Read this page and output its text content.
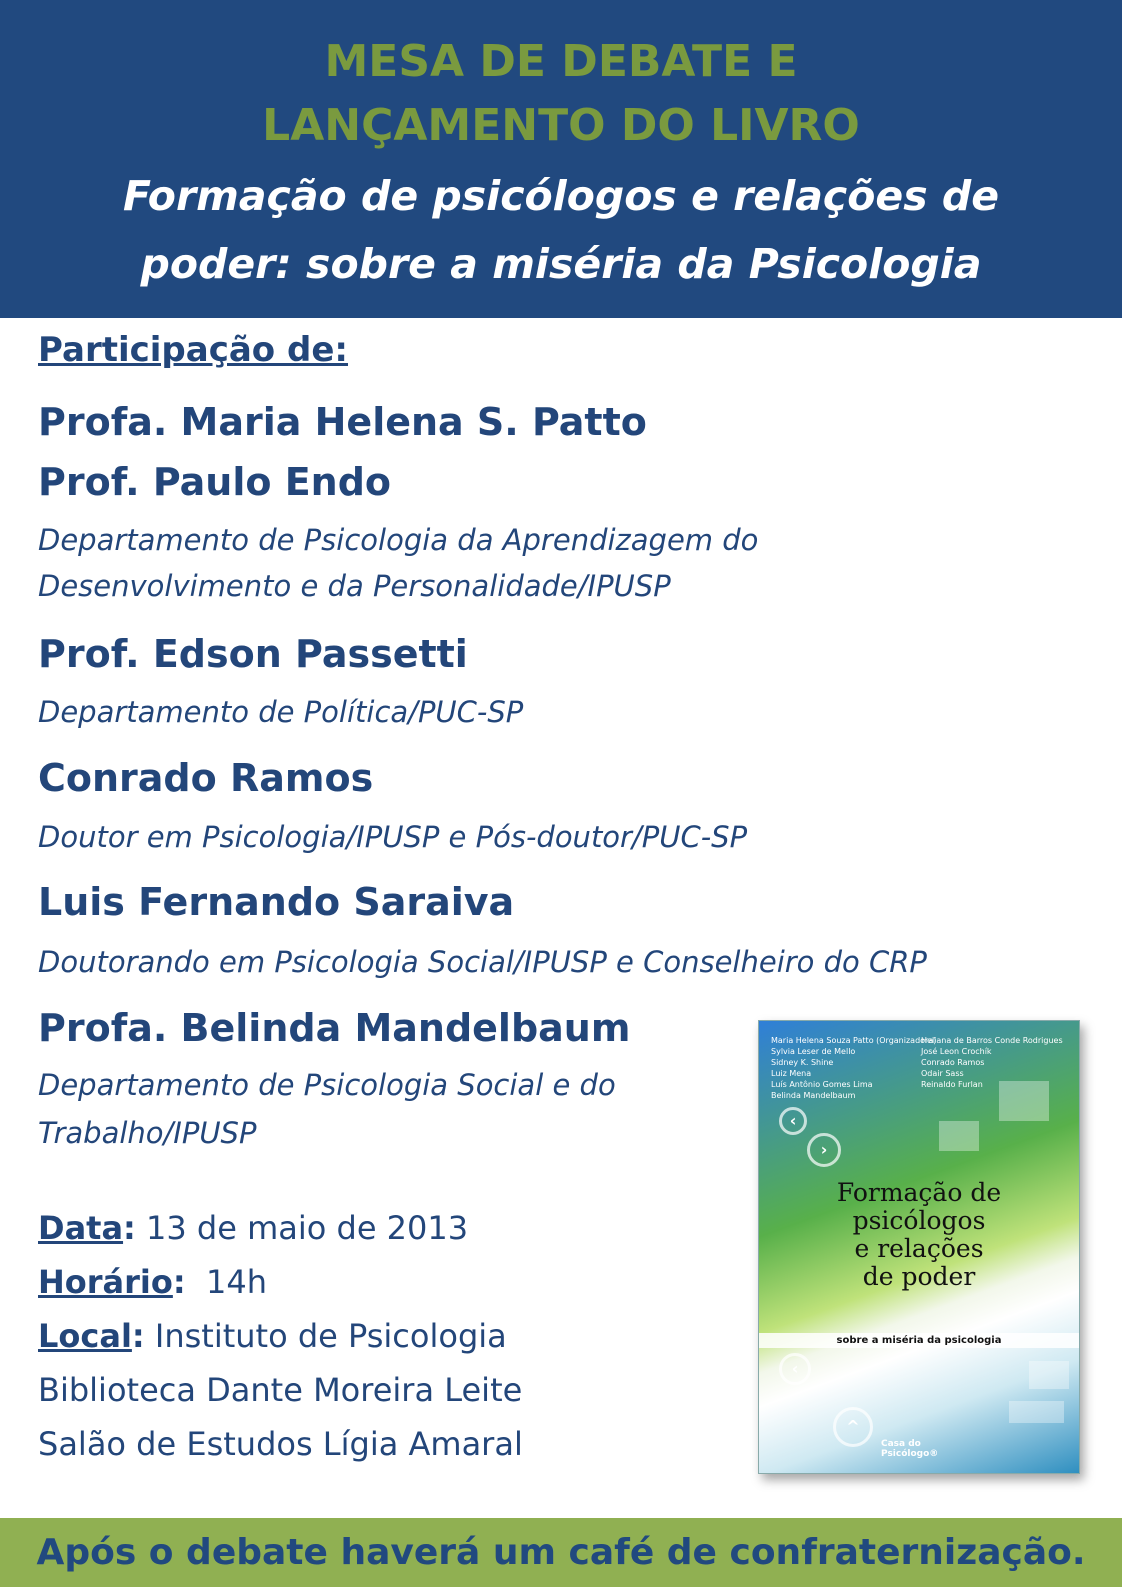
MESA DE DEBATE E
LANÇAMENTO DO LIVRO
Formação de psicólogos e relações de
poder: sobre a miséria da Psicologia
Participação de:
Profa. Maria Helena S. Patto
Prof. Paulo Endo
Departamento de Psicologia da Aprendizagem do
Desenvolvimento e da Personalidade/IPUSP
Prof. Edson Passetti
Departamento de Política/PUC-SP
Conrado Ramos
Doutor em Psicologia/IPUSP e Pós-doutor/PUC-SP
Luis Fernando Saraiva
Doutorando em Psicologia Social/IPUSP e Conselheiro do CRP
Profa. Belinda Mandelbaum
Departamento de Psicologia Social e do
Trabalho/IPUSP
Data: 13 de maio de 2013
Horário:  14h
Local: Instituto de Psicologia
Biblioteca Dante Moreira Leite
Salão de Estudos Lígia Amaral
‹
›
‹
^
Maria Helena Souza Patto (Organizadora)
Sylvia Leser de Mello
Sidney K. Shine
Luiz Mena
Luís Antônio Gomes Lima
Belinda Mandelbaum
Heliana de Barros Conde Rodrigues
José Leon Crochík
Conrado Ramos
Odair Sass
Reinaldo Furlan
Formação de
psicólogos
e relações
de poder
sobre a miséria da psicologia
Casa do
Psicólogo®
Após o debate haverá um café de confraternização.
